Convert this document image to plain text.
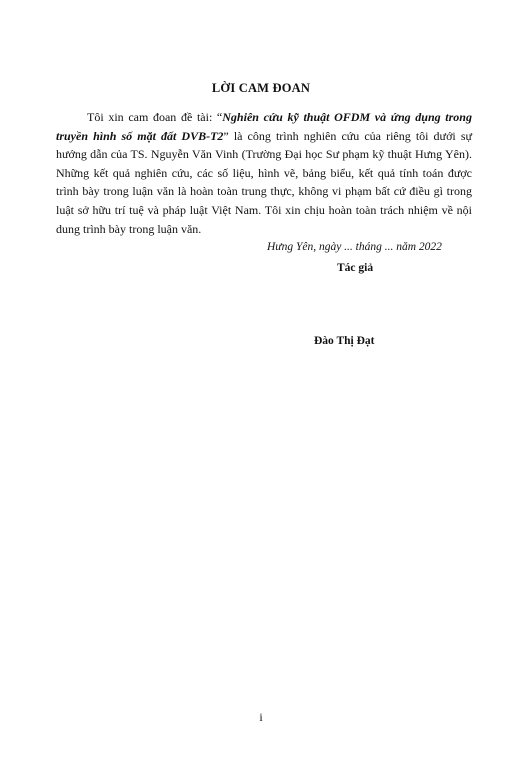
LỜI CAM ĐOAN

Tôi xin cam đoan đề tài: “Nghiên cứu kỹ thuật OFDM và ứng dụng trong truyền hình số mặt đất DVB-T2” là công trình nghiên cứu của riêng tôi dưới sự hướng dẫn của TS. Nguyễn Văn Vinh (Trường Đại học Sư phạm kỹ thuật Hưng Yên). Những kết quả nghiên cứu, các số liệu, hình vẽ, bảng biểu, kết quả tính toán được trình bày trong luận văn là hoàn toàn trung thực, không vi phạm bất cứ điều gì trong luật sở hữu trí tuệ và pháp luật Việt Nam. Tôi xin chịu hoàn toàn trách nhiệm về nội dung trình bày trong luận văn.

Hưng Yên, ngày ... tháng ... năm 2022
Tác giả
Đào Thị Đạt
i
